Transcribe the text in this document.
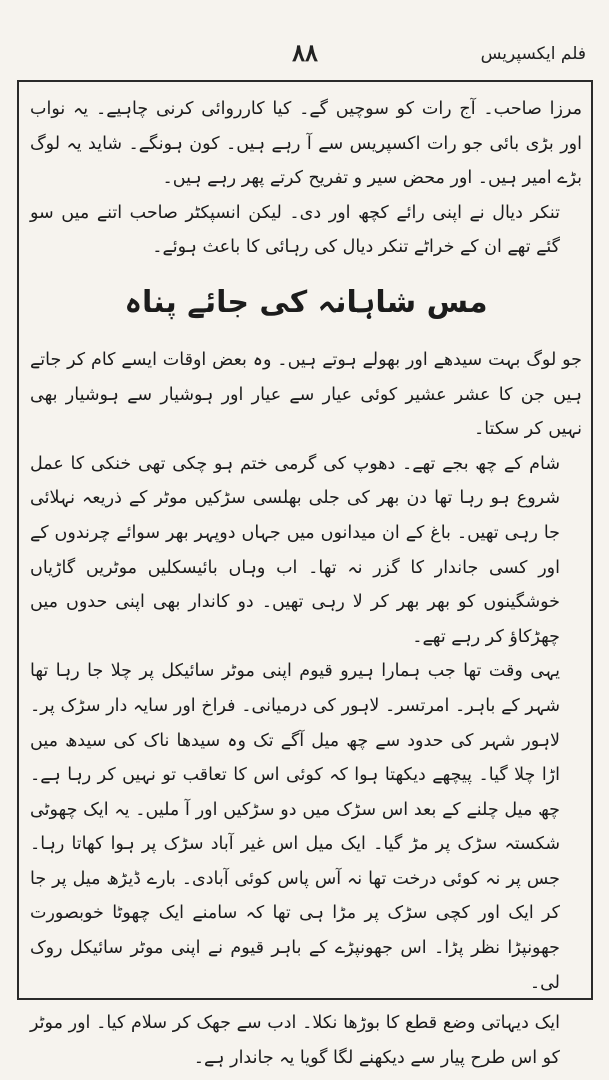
فلم ایکسپریس
۸۸

مرزا صاحب۔ آج رات کو سوچیں گے۔ کیا کارروائی کرنی چاہیے۔ یہ نواب اور بڑی بائی جو رات اکسپریس سے آ رہے ہیں۔ کون ہونگے۔ شاید یہ لوگ بڑے امیر ہیں۔ اور محض سیر و تفریح کرتے پھر رہے ہیں۔

تنکر دیال نے اپنی رائے کچھ اور دی۔ لیکن انسپکٹر صاحب اتنے میں سو گئے تھے ان کے خراٹے تنکر دیال کی رہائی کا باعث ہوئے۔

مس شاہانہ کی جائے پناہ

جو لوگ بہت سیدھے اور بھولے ہوتے ہیں۔ وہ بعض اوقات ایسے کام کر جاتے ہیں جن کا عشر عشیر کوئی عیار سے عیار اور ہوشیار سے ہوشیار بھی نہیں کر سکتا۔

شام کے چھ بجے تھے۔ دھوپ کی گرمی ختم ہو چکی تھی خنکی کا عمل شروع ہو رہا تھا دن بھر کی جلی بھلسی سڑکیں موٹر کے ذریعہ نہلائی جا رہی تھیں۔ باغ کے ان میدانوں میں جہاں دوپہر بھر سوائے چرندوں کے اور کسی جاندار کا گزر نہ تھا۔ اب وہاں بائیسکلیں موٹریں گاڑیاں خوشگینوں کو بھر بھر کر لا رہی تھیں۔ دو کاندار بھی اپنی حدوں میں چھڑکاؤ کر رہے تھے۔

یہی وقت تھا جب ہمارا ہیرو قیوم اپنی موٹر سائیکل پر چلا جا رہا تھا شہر کے باہر۔ امرتسر۔ لاہور کی درمیانی۔ فراخ اور سایہ دار سڑک پر۔ لاہور شہر کی حدود سے چھ میل آگے تک وہ سیدھا ناک کی سیدھ میں اڑا چلا گیا۔ پیچھے دیکھتا ہوا کہ کوئی اس کا تعاقب تو نہیں کر رہا ہے۔ چھ میل چلنے کے بعد اس سڑک میں دو سڑکیں اور آ ملیں۔ یہ ایک چھوٹی شکستہ سڑک پر مڑ گیا۔ ایک میل اس غیر آباد سڑک پر ہوا کھاتا رہا۔ جس پر نہ کوئی درخت تھا نہ آس پاس کوئی آبادی۔ بارے ڈیڑھ میل پر جا کر ایک اور کچی سڑک پر مڑا ہی تھا کہ سامنے ایک چھوٹا خوبصورت جھونپڑا نظر پڑا۔ اس جھونپڑے کے باہر قیوم نے اپنی موٹر سائیکل روک لی۔

ایک دیہاتی وضع قطع کا بوڑھا نکلا۔ ادب سے جھک کر سلام کیا۔ اور موٹر کو اس طرح پیار سے دیکھنے لگا گویا یہ جاندار ہے۔
